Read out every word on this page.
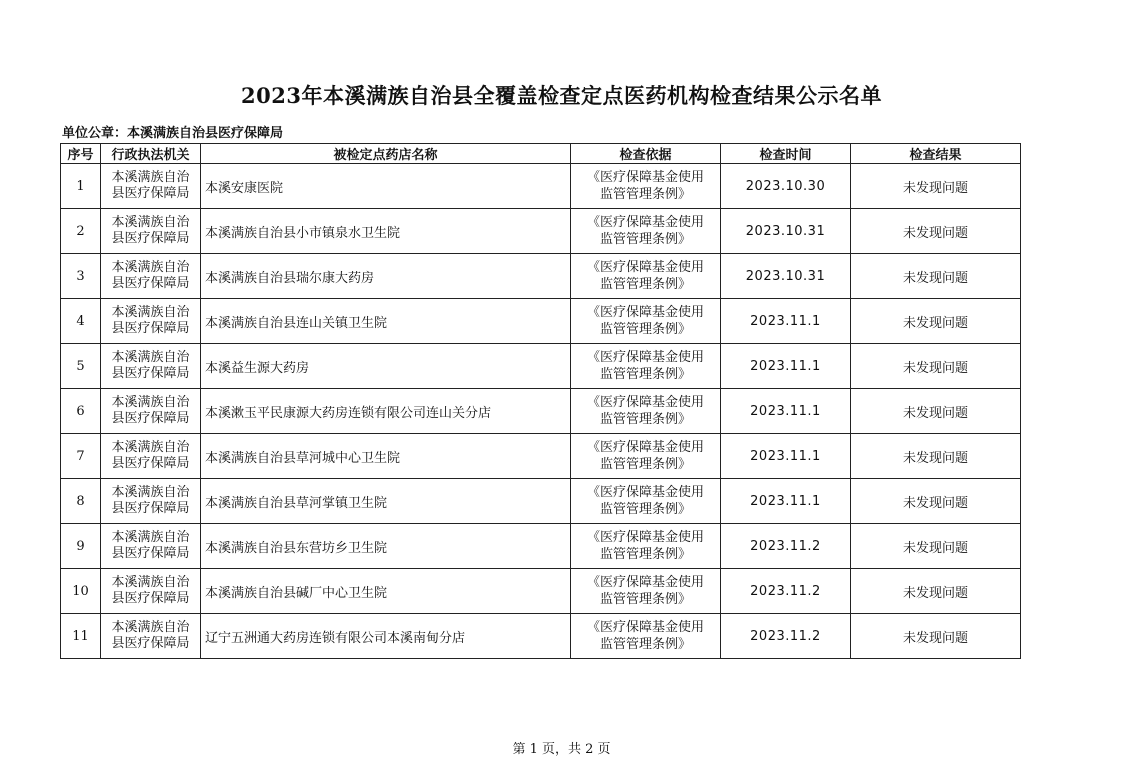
2023年本溪满族自治县全覆盖检查定点医药机构检查结果公示名单
单位公章：本溪满族自治县医疗保障局
序号	行政执法机关	被检定点药店名称	检查依据	检查时间	检查结果
1	本溪满族自治
县医疗保障局	本溪安康医院	《医疗保障基金使用
监管管理条例》	2023.10.30	未发现问题
2	本溪满族自治
县医疗保障局	本溪满族自治县小市镇泉水卫生院	《医疗保障基金使用
监管管理条例》	2023.10.31	未发现问题
3	本溪满族自治
县医疗保障局	本溪满族自治县瑞尔康大药房	《医疗保障基金使用
监管管理条例》	2023.10.31	未发现问题
4	本溪满族自治
县医疗保障局	本溪满族自治县连山关镇卫生院	《医疗保障基金使用
监管管理条例》	2023.11.1	未发现问题
5	本溪满族自治
县医疗保障局	本溪益生源大药房	《医疗保障基金使用
监管管理条例》	2023.11.1	未发现问题
6	本溪满族自治
县医疗保障局	本溪漱玉平民康源大药房连锁有限公司连山关分店	《医疗保障基金使用
监管管理条例》	2023.11.1	未发现问题
7	本溪满族自治
县医疗保障局	本溪满族自治县草河城中心卫生院	《医疗保障基金使用
监管管理条例》	2023.11.1	未发现问题
8	本溪满族自治
县医疗保障局	本溪满族自治县草河掌镇卫生院	《医疗保障基金使用
监管管理条例》	2023.11.1	未发现问题
9	本溪满族自治
县医疗保障局	本溪满族自治县东营坊乡卫生院	《医疗保障基金使用
监管管理条例》	2023.11.2	未发现问题
10	本溪满族自治
县医疗保障局	本溪满族自治县碱厂中心卫生院	《医疗保障基金使用
监管管理条例》	2023.11.2	未发现问题
11	本溪满族自治
县医疗保障局	辽宁五洲通大药房连锁有限公司本溪南甸分店	《医疗保障基金使用
监管管理条例》	2023.11.2	未发现问题
第 1 页，共 2 页
